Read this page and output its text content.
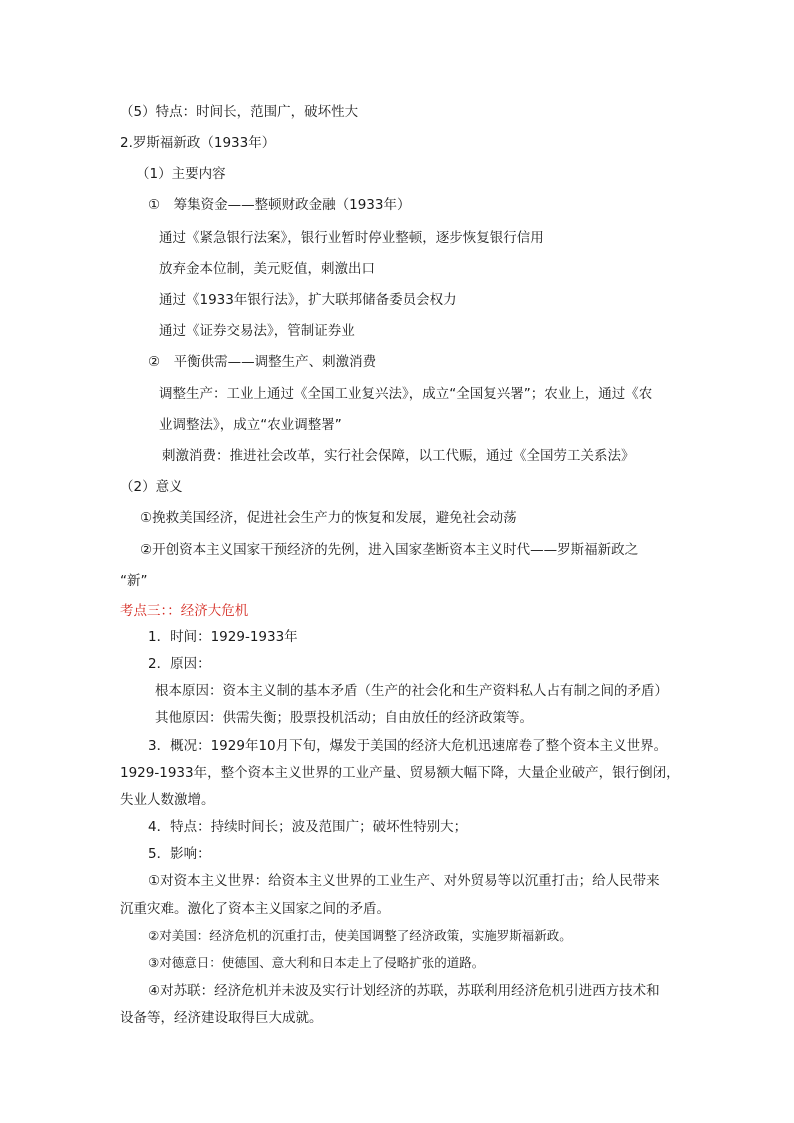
（5）特点：时间长，范围广，破坏性大
2.罗斯福新政（1933年）
（1）主要内容
①　筹集资金——整顿财政金融（1933年）
通过《紧急银行法案》，银行业暂时停业整顿，逐步恢复银行信用
放弃金本位制，美元贬值，刺激出口
通过《1933年银行法》，扩大联邦储备委员会权力
通过《证券交易法》，管制证券业
②　平衡供需——调整生产、刺激消费
调整生产：工业上通过《全国工业复兴法》，成立“全国复兴署”；农业上，通过《农
业调整法》，成立“农业调整署”
刺激消费：推进社会改革，实行社会保障，以工代赈，通过《全国劳工关系法》
（2）意义
①挽救美国经济，促进社会生产力的恢复和发展，避免社会动荡
②开创资本主义国家干预经济的先例，进入国家垄断资本主义时代——罗斯福新政之
“新”
考点三：：经济大危机
1．时间：1929-1933年
2．原因：
根本原因：资本主义制的基本矛盾（生产的社会化和生产资料私人占有制之间的矛盾）
其他原因：供需失衡；股票投机活动；自由放任的经济政策等。
3．概况：1929年10月下旬，爆发于美国的经济大危机迅速席卷了整个资本主义世界。
1929-1933年，整个资本主义世界的工业产量、贸易额大幅下降，大量企业破产，银行倒闭，
失业人数激增。
4．特点：持续时间长；波及范围广；破坏性特别大；
5．影响：
①对资本主义世界：给资本主义世界的工业生产、对外贸易等以沉重打击；给人民带来
沉重灾难。激化了资本主义国家之间的矛盾。
②对美国：经济危机的沉重打击，使美国调整了经济政策，实施罗斯福新政。
③对德意日：使德国、意大利和日本走上了侵略扩张的道路。
④对苏联：经济危机并未波及实行计划经济的苏联，苏联利用经济危机引进西方技术和
设备等，经济建设取得巨大成就。
